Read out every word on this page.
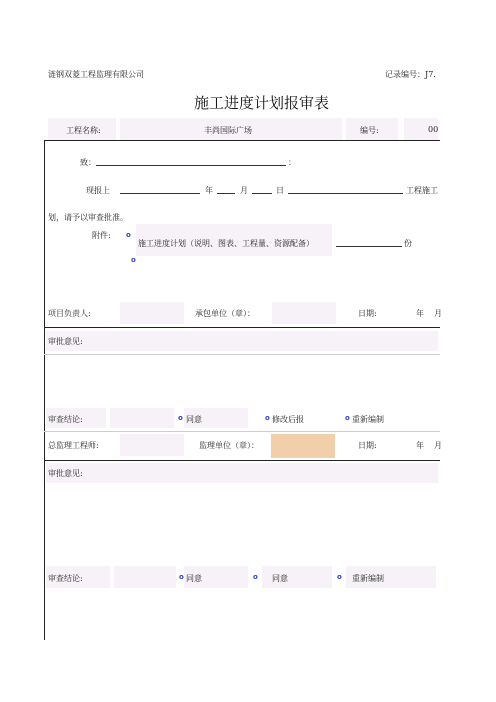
涟钢双菱工程监理有限公司	记录编号：J7.
施工进度计划报审表
工程名称:	丰尚国际广场	编号:	00
致：	：
现报上	年	月	日	工程施工
划，请予以审查批准。
附件: o
施工进度计划（说明、图表、工程量、资源配备）	份
o
项目负责人:	承包单位（章）：	日期:	年 月
审批意见:
审查结论:	o 同意	o 修改后报	o 重新编制
总监理工程师:	监理单位（章）：	日期:	年 月
审批意见:
审查结论:	o 同意	o 同意	o 重新编制
